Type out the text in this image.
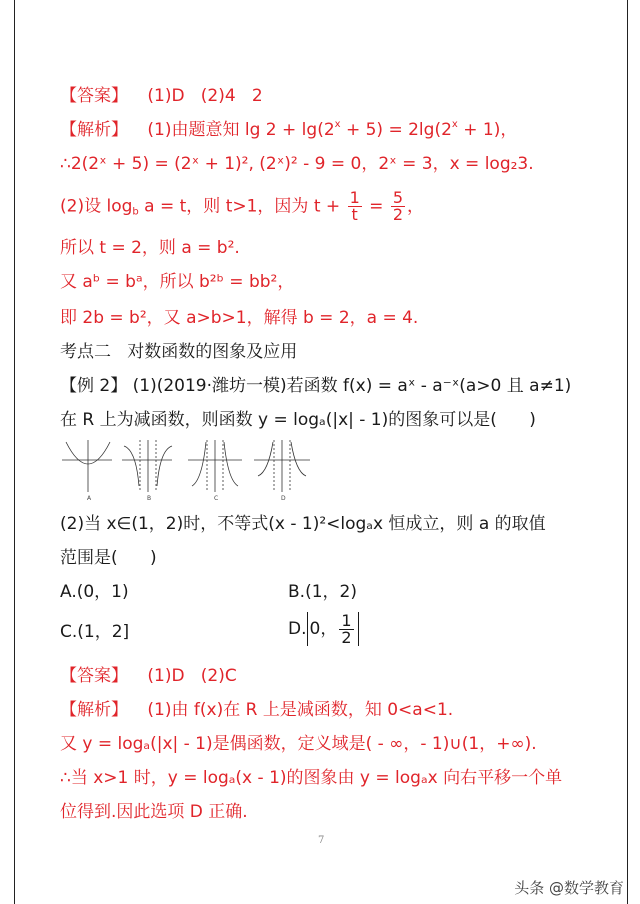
【答案】 (1)D   (2)4   2
【解析】 (1)由题意知 $\lg 2 + \lg(2^x + 5) = 2\lg(2^x + 1)$，
∴2(2ˣ + 5) = (2ˣ + 1)², (2ˣ)² - 9 = 0，2ˣ = 3，x = log₂3.
(2)设 $\log_b a = t$，则 t>1，因为 $t + \frac{1}{t} = \frac{5}{2}$ ，
所以 t = 2，则 a = b².
又 aᵇ = bᵃ，所以 b²ᵇ = bb²，
即 2b = b²，又 a>b>1，解得 b = 2，a = 4.
考点二   对数函数的图象及应用
【例 2】 (1)(2019·潍坊一模)若函数 f(x) = aˣ - a⁻ˣ(a>0 且 a≠1)
在 R 上为减函数，则函数 y = logₐ(|x| - 1)的图象可以是(      )
A	B	C	D
(2)当 x∈(1，2)时，不等式(x - 1)²<logₐx 恒成立，则 a 的取值
范围是(      )
A.(0，1)	B.(1，2)
C.(1，2]	D. 0， $\frac{1}{2}$
【答案】 (1)D   (2)C
【解析】 (1)由 f(x)在 R 上是减函数，知 0<a<1.
又 y = logₐ(|x| - 1)是偶函数，定义域是( - ∞，- 1)∪(1，+∞).
∴当 x>1 时，y = logₐ(x - 1)的图象由 y = logₐx 向右平移一个单
位得到.因此选项 D 正确.
7
头条 @数学教育
